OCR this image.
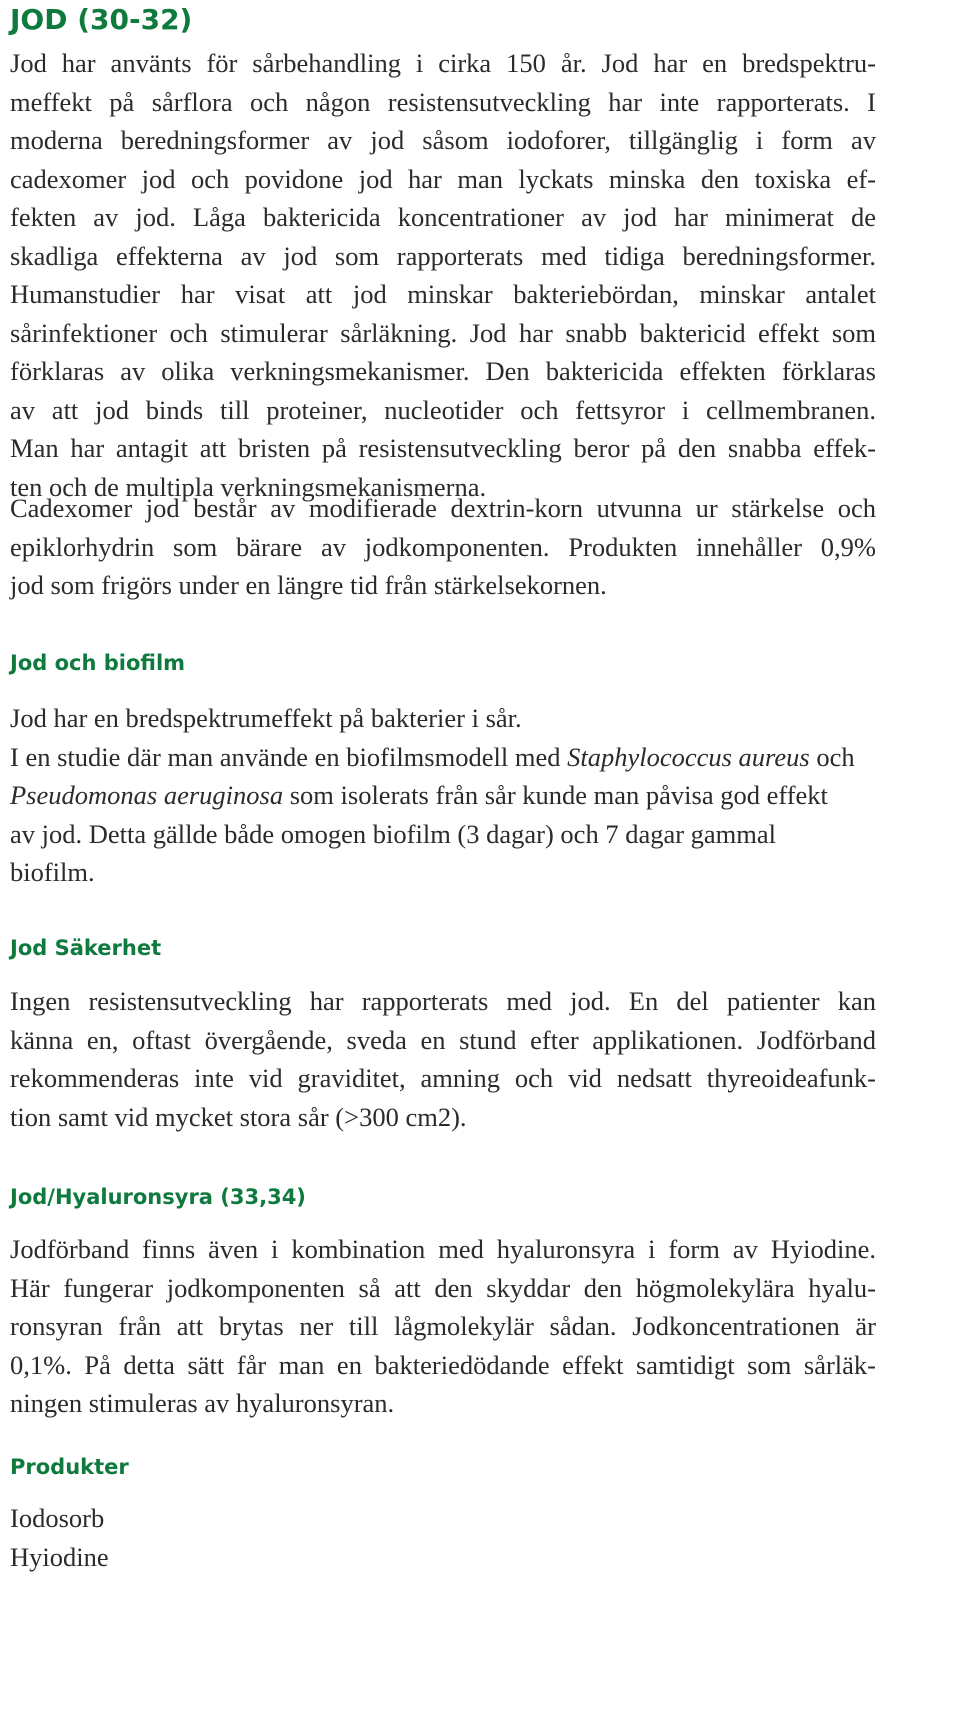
JOD (30-32)
Jod har använts för sårbehandling i cirka 150 år. Jod har en bredspektru-
meffekt på sårflora och någon resistensutveckling har inte rapporterats. I
moderna beredningsformer av jod såsom iodoforer, tillgänglig i form av
cadexomer jod och povidone jod har man lyckats minska den toxiska ef-
fekten av jod. Låga baktericida koncentrationer av jod har minimerat de
skadliga effekterna av jod som rapporterats med tidiga beredningsformer.
Humanstudier har visat att jod minskar bakteriebördan, minskar antalet
sårinfektioner och stimulerar sårläkning. Jod har snabb baktericid effekt som
förklaras av olika verkningsmekanismer. Den baktericida effekten förklaras
av att jod binds till proteiner, nucleotider och fettsyror i cellmembranen.
Man har antagit att bristen på resistensutveckling beror på den snabba effek-
ten och de multipla verkningsmekanismerna.
Cadexomer jod består av modifierade dextrin-korn utvunna ur stärkelse och
epiklorhydrin som bärare av jodkomponenten. Produkten innehåller 0,9%
jod som frigörs under en längre tid från stärkelsekornen.
Jod och biofilm
Jod har en bredspektrumeffekt på bakterier i sår.
I en studie där man använde en biofilmsmodell med Staphylococcus aureus och
Pseudomonas aeruginosa som isolerats från sår kunde man påvisa god effekt
av jod. Detta gällde både omogen biofilm (3 dagar) och 7 dagar gammal
biofilm.
Jod Säkerhet
Ingen resistensutveckling har rapporterats med jod. En del patienter kan
känna en, oftast övergående, sveda en stund efter applikationen. Jodförband
rekommenderas inte vid graviditet, amning och vid nedsatt thyreoideafunk-
tion samt vid mycket stora sår (>300 cm2).
Jod/Hyaluronsyra (33,34)
Jodförband finns även i kombination med hyaluronsyra i form av Hyiodine.
Här fungerar jodkomponenten så att den skyddar den högmolekylära hyalu-
ronsyran från att brytas ner till lågmolekylär sådan. Jodkoncentrationen är
0,1%. På detta sätt får man en bakteriedödande effekt samtidigt som sårläk-
ningen stimuleras av hyaluronsyran.
Produkter
Iodosorb
Hyiodine
